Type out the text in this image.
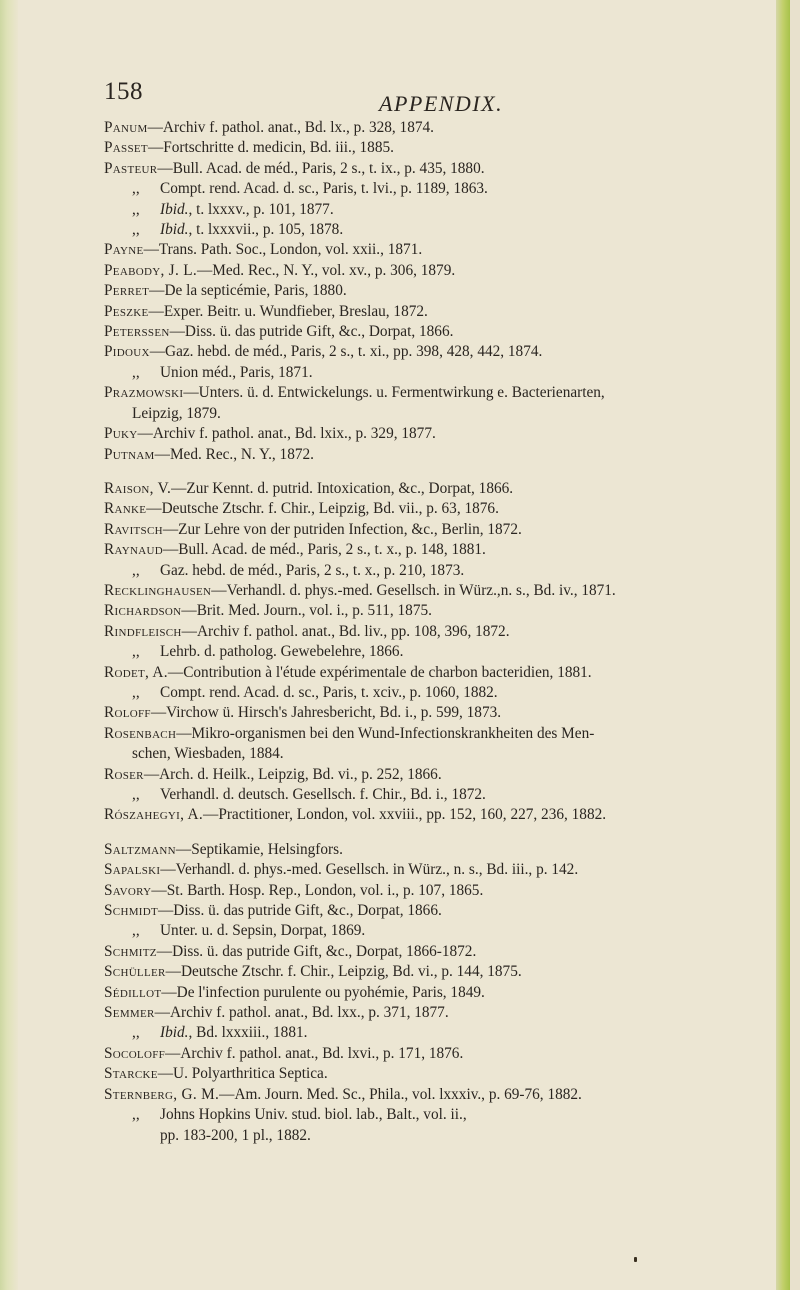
158	APPENDIX.
Panum—Archiv f. pathol. anat., Bd. lx., p. 328, 1874.
Passet—Fortschritte d. medicin, Bd. iii., 1885.
Pasteur—Bull. Acad. de méd., Paris, 2 s., t. ix., p. 435, 1880.
,, Compt. rend. Acad. d. sc., Paris, t. lvi., p. 1189, 1863.
,, Ibid., t. lxxxv., p. 101, 1877.
,, Ibid., t. lxxxvii., p. 105, 1878.
Payne—Trans. Path. Soc., London, vol. xxii., 1871.
Peabody, J. L.—Med. Rec., N. Y., vol. xv., p. 306, 1879.
Perret—De la septicémie, Paris, 1880.
Peszke—Exper. Beitr. u. Wundfieber, Breslau, 1872.
Peterssen—Diss. ü. das putride Gift, &c., Dorpat, 1866.
Pidoux—Gaz. hebd. de méd., Paris, 2 s., t. xi., pp. 398, 428, 442, 1874.
,, Union méd., Paris, 1871.
Prazmowski—Unters. ü. d. Entwickelungs. u. Fermentwirkung e. Bacterienarten,
Leipzig, 1879.
Puky—Archiv f. pathol. anat., Bd. lxix., p. 329, 1877.
Putnam—Med. Rec., N. Y., 1872.
Raison, V.—Zur Kennt. d. putrid. Intoxication, &c., Dorpat, 1866.
Ranke—Deutsche Ztschr. f. Chir., Leipzig, Bd. vii., p. 63, 1876.
Ravitsch—Zur Lehre von der putriden Infection, &c., Berlin, 1872.
Raynaud—Bull. Acad. de méd., Paris, 2 s., t. x., p. 148, 1881.
,, Gaz. hebd. de méd., Paris, 2 s., t. x., p. 210, 1873.
Recklinghausen—Verhandl. d. phys.-med. Gesellsch. in Würz.,n. s., Bd. iv., 1871.
Richardson—Brit. Med. Journ., vol. i., p. 511, 1875.
Rindfleisch—Archiv f. pathol. anat., Bd. liv., pp. 108, 396, 1872.
,, Lehrb. d. patholog. Gewebelehre, 1866.
Rodet, A.—Contribution à l'étude expérimentale de charbon bacteridien, 1881.
,, Compt. rend. Acad. d. sc., Paris, t. xciv., p. 1060, 1882.
Roloff—Virchow ü. Hirsch's Jahresbericht, Bd. i., p. 599, 1873.
Rosenbach—Mikro-organismen bei den Wund-Infectionskrankheiten des Men-
schen, Wiesbaden, 1884.
Roser—Arch. d. Heilk., Leipzig, Bd. vi., p. 252, 1866.
,, Verhandl. d. deutsch. Gesellsch. f. Chir., Bd. i., 1872.
Rószahegyi, A.—Practitioner, London, vol. xxviii., pp. 152, 160, 227, 236, 1882.
Saltzmann—Septikamie, Helsingfors.
Sapalski—Verhandl. d. phys.-med. Gesellsch. in Würz., n. s., Bd. iii., p. 142.
Savory—St. Barth. Hosp. Rep., London, vol. i., p. 107, 1865.
Schmidt—Diss. ü. das putride Gift, &c., Dorpat, 1866.
,, Unter. u. d. Sepsin, Dorpat, 1869.
Schmitz—Diss. ü. das putride Gift, &c., Dorpat, 1866-1872.
Schüller—Deutsche Ztschr. f. Chir., Leipzig, Bd. vi., p. 144, 1875.
Sédillot—De l'infection purulente ou pyohémie, Paris, 1849.
Semmer—Archiv f. pathol. anat., Bd. lxx., p. 371, 1877.
,, Ibid., Bd. lxxxiii., 1881.
Socoloff—Archiv f. pathol. anat., Bd. lxvi., p. 171, 1876.
Starcke—U. Polyarthritica Septica.
Sternberg, G. M.—Am. Journ. Med. Sc., Phila., vol. lxxxiv., p. 69-76, 1882.
,, Johns Hopkins Univ. stud. biol. lab., Balt., vol. ii.,
pp. 183-200, 1 pl., 1882.
